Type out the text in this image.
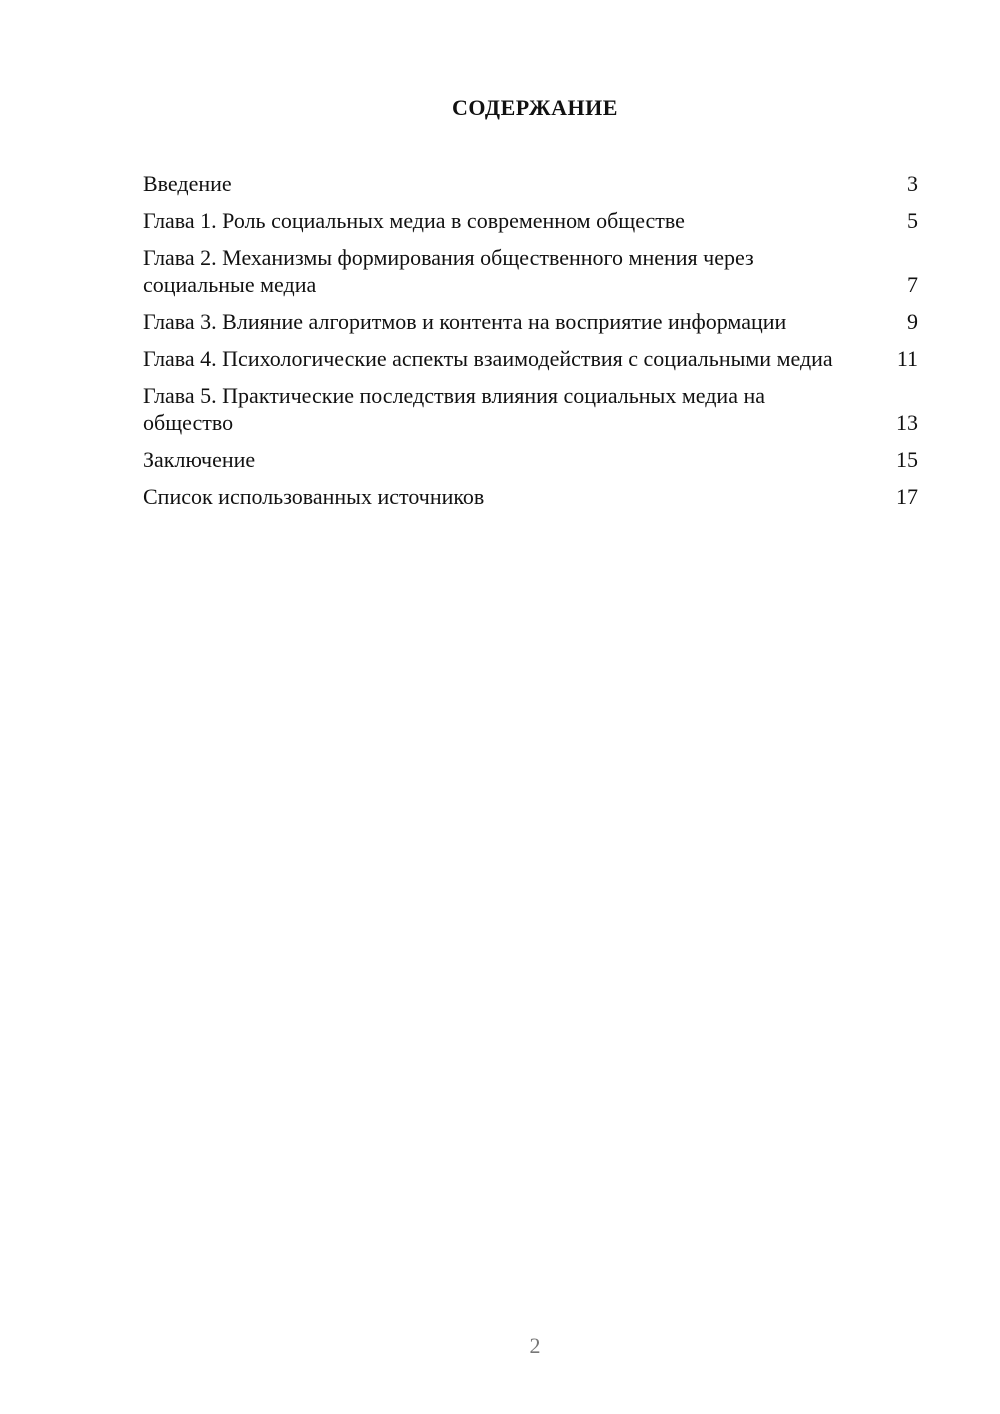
СОДЕРЖАНИЕ
Введение	3
Глава 1. Роль социальных медиа в современном обществе	5
Глава 2. Механизмы формирования общественного мнения через социальные медиа	7
Глава 3. Влияние алгоритмов и контента на восприятие информации	9
Глава 4. Психологические аспекты взаимодействия с социальными медиа	11
Глава 5. Практические последствия влияния социальных медиа на общество	13
Заключение	15
Список использованных источников	17
2
